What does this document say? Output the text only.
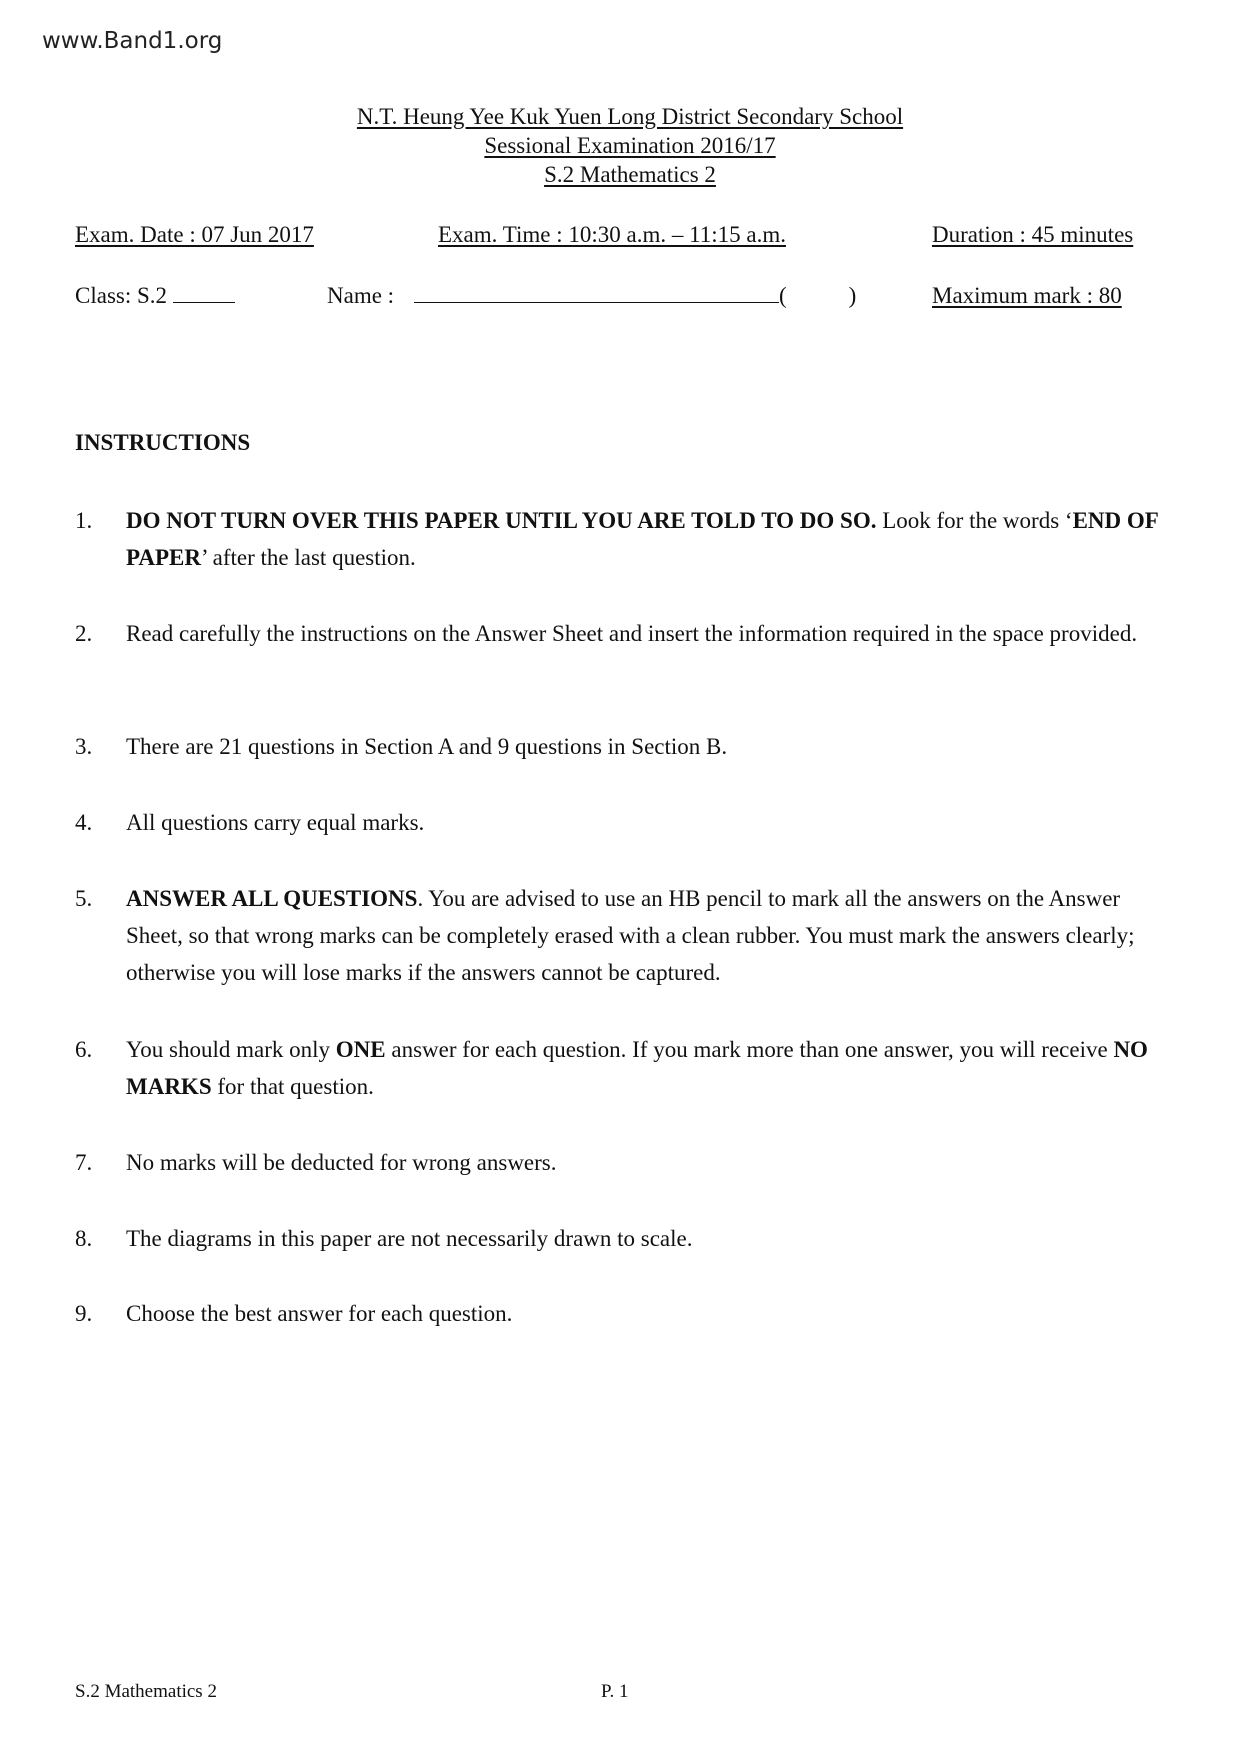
www.Band1.org
N.T. Heung Yee Kuk Yuen Long District Secondary School
Sessional Examination 2016/17
S.2 Mathematics 2
Exam. Date : 07 Jun 2017	Exam. Time : 10:30 a.m. – 11:15 a.m.	Duration : 45 minutes
Class: S.2	Name :	(	)	Maximum mark : 80
INSTRUCTIONS
1. DO NOT TURN OVER THIS PAPER UNTIL YOU ARE TOLD TO DO SO. Look for the words ‘END OF PAPER’ after the last question.
2. Read carefully the instructions on the Answer Sheet and insert the information required in the space provided.
3. There are 21 questions in Section A and 9 questions in Section B.
4. All questions carry equal marks.
5. ANSWER ALL QUESTIONS. You are advised to use an HB pencil to mark all the answers on the Answer Sheet, so that wrong marks can be completely erased with a clean rubber. You must mark the answers clearly; otherwise you will lose marks if the answers cannot be captured.
6. You should mark only ONE answer for each question. If you mark more than one answer, you will receive NO MARKS for that question.
7. No marks will be deducted for wrong answers.
8. The diagrams in this paper are not necessarily drawn to scale.
9. Choose the best answer for each question.
S.2 Mathematics 2	P. 1
